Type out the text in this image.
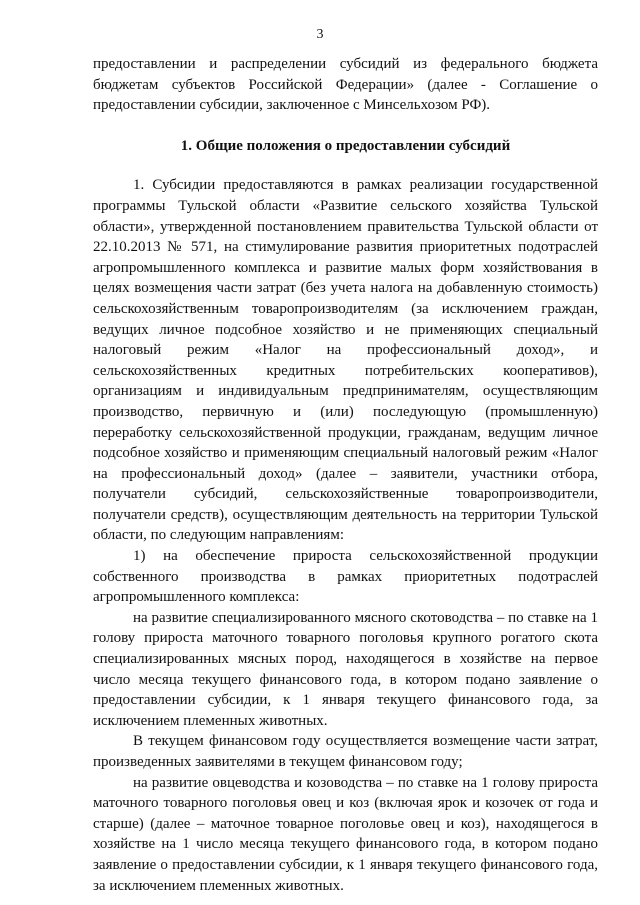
3

предоставлении и распределении субсидий из федерального бюджета бюджетам субъектов Российской Федерации» (далее - Соглашение о предоставлении субсидии, заключенное с Минсельхозом РФ).

1. Общие положения о предоставлении субсидий

1. Субсидии предоставляются в рамках реализации государственной программы Тульской области «Развитие сельского хозяйства Тульской области», утвержденной постановлением правительства Тульской области от 22.10.2013 № 571, на стимулирование развития приоритетных подотраслей агропромышленного комплекса и развитие малых форм хозяйствования в целях возмещения части затрат (без учета налога на добавленную стоимость) сельскохозяйственным товаропроизводителям (за исключением граждан, ведущих личное подсобное хозяйство и не применяющих специальный налоговый режим «Налог на профессиональный доход», и сельскохозяйственных кредитных потребительских кооперативов), организациям и индивидуальным предпринимателям, осуществляющим производство, первичную и (или) последующую (промышленную) переработку сельскохозяйственной продукции, гражданам, ведущим личное подсобное хозяйство и применяющим специальный налоговый режим «Налог на профессиональный доход» (далее – заявители, участники отбора, получатели субсидий, сельскохозяйственные товаропроизводители, получатели средств), осуществляющим деятельность на территории Тульской области, по следующим направлениям:

1) на обеспечение прироста сельскохозяйственной продукции собственного производства в рамках приоритетных подотраслей агропромышленного комплекса:

на развитие специализированного мясного скотоводства – по ставке на 1 голову прироста маточного товарного поголовья крупного рогатого скота специализированных мясных пород, находящегося в хозяйстве на первое число месяца текущего финансового года, в котором подано заявление о предоставлении субсидии, к 1 января текущего финансового года, за исключением племенных животных.

В текущем финансовом году осуществляется возмещение части затрат, произведенных заявителями в текущем финансовом году;

на развитие овцеводства и козоводства – по ставке на 1 голову прироста маточного товарного поголовья овец и коз (включая ярок и козочек от года и старше) (далее – маточное товарное поголовье овец и коз), находящегося в хозяйстве на 1 число месяца текущего финансового года, в котором подано заявление о предоставлении субсидии, к 1 января текущего финансового года, за исключением племенных животных.
